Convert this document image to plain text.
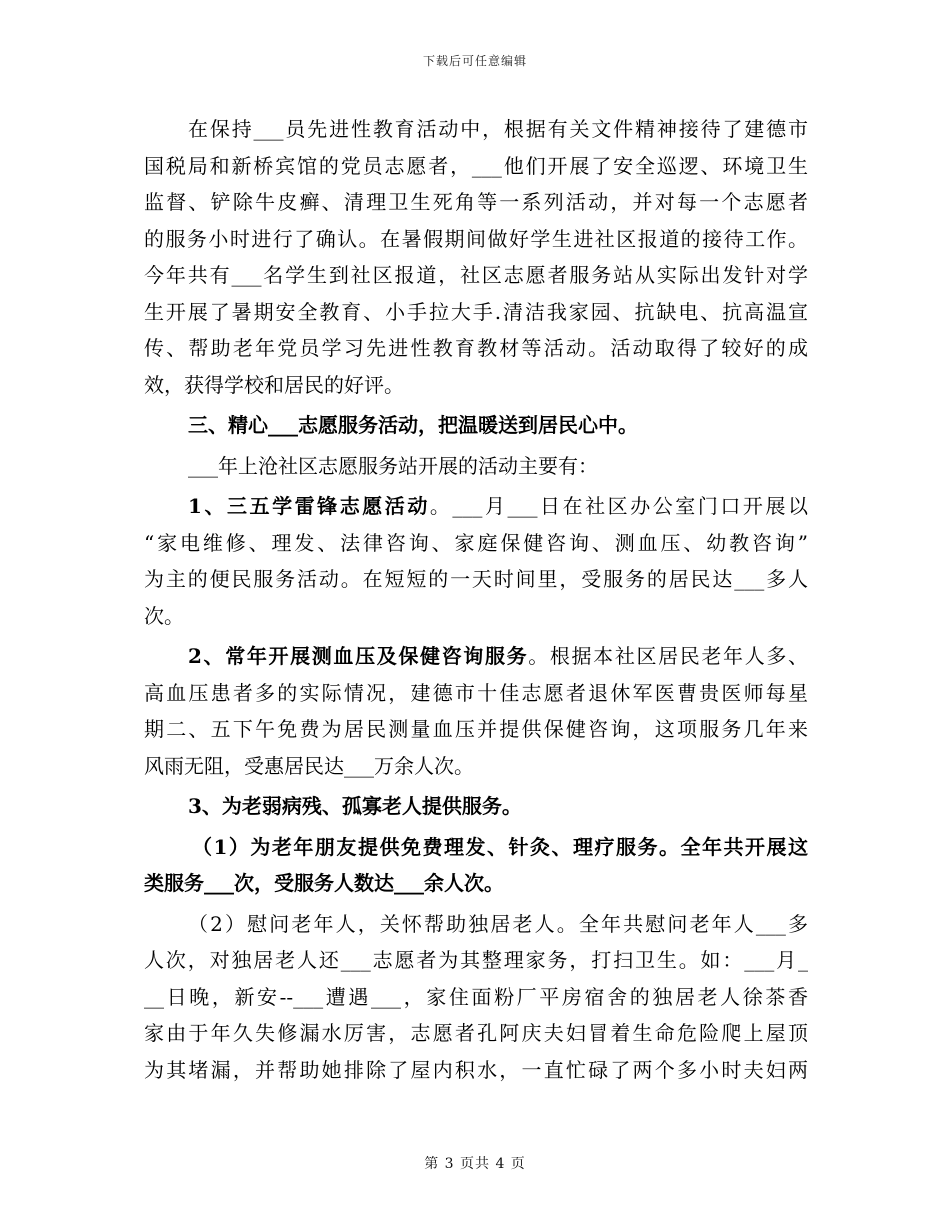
下载后可任意编辑
在保持___员先进性教育活动中，根据有关文件精神接待了建德市
国税局和新桥宾馆的党员志愿者，___他们开展了安全巡逻、环境卫生
监督、铲除牛皮癣、清理卫生死角等一系列活动，并对每一个志愿者
的服务小时进行了确认。在暑假期间做好学生进社区报道的接待工作。
今年共有___名学生到社区报道，社区志愿者服务站从实际出发针对学
生开展了暑期安全教育、小手拉大手.清洁我家园、抗缺电、抗高温宣
传、帮助老年党员学习先进性教育教材等活动。活动取得了较好的成
效，获得学校和居民的好评。
三、精心___志愿服务活动，把温暖送到居民心中。
___年上沧社区志愿服务站开展的活动主要有：
1、三五学雷锋志愿活动。___月___日在社区办公室门口开展以
“家电维修、理发、法律咨询、家庭保健咨询、测血压、幼教咨询”
为主的便民服务活动。在短短的一天时间里，受服务的居民达___多人
次。
2、常年开展测血压及保健咨询服务。根据本社区居民老年人多、
高血压患者多的实际情况，建德市十佳志愿者退休军医曹贵医师每星
期二、五下午免费为居民测量血压并提供保健咨询，这项服务几年来
风雨无阻，受惠居民达___万余人次。
3、为老弱病残、孤寡老人提供服务。
（1）为老年朋友提供免费理发、针灸、理疗服务。全年共开展这
类服务___次，受服务人数达___余人次。
（2）慰问老年人，关怀帮助独居老人。全年共慰问老年人___多
人次，对独居老人还___志愿者为其整理家务，打扫卫生。如：___月_
__日晚，新安--___遭遇___，家住面粉厂平房宿舍的独居老人徐茶香
家由于年久失修漏水厉害，志愿者孔阿庆夫妇冒着生命危险爬上屋顶
为其堵漏，并帮助她排除了屋内积水，一直忙碌了两个多小时夫妇两
第 3 页共 4 页
